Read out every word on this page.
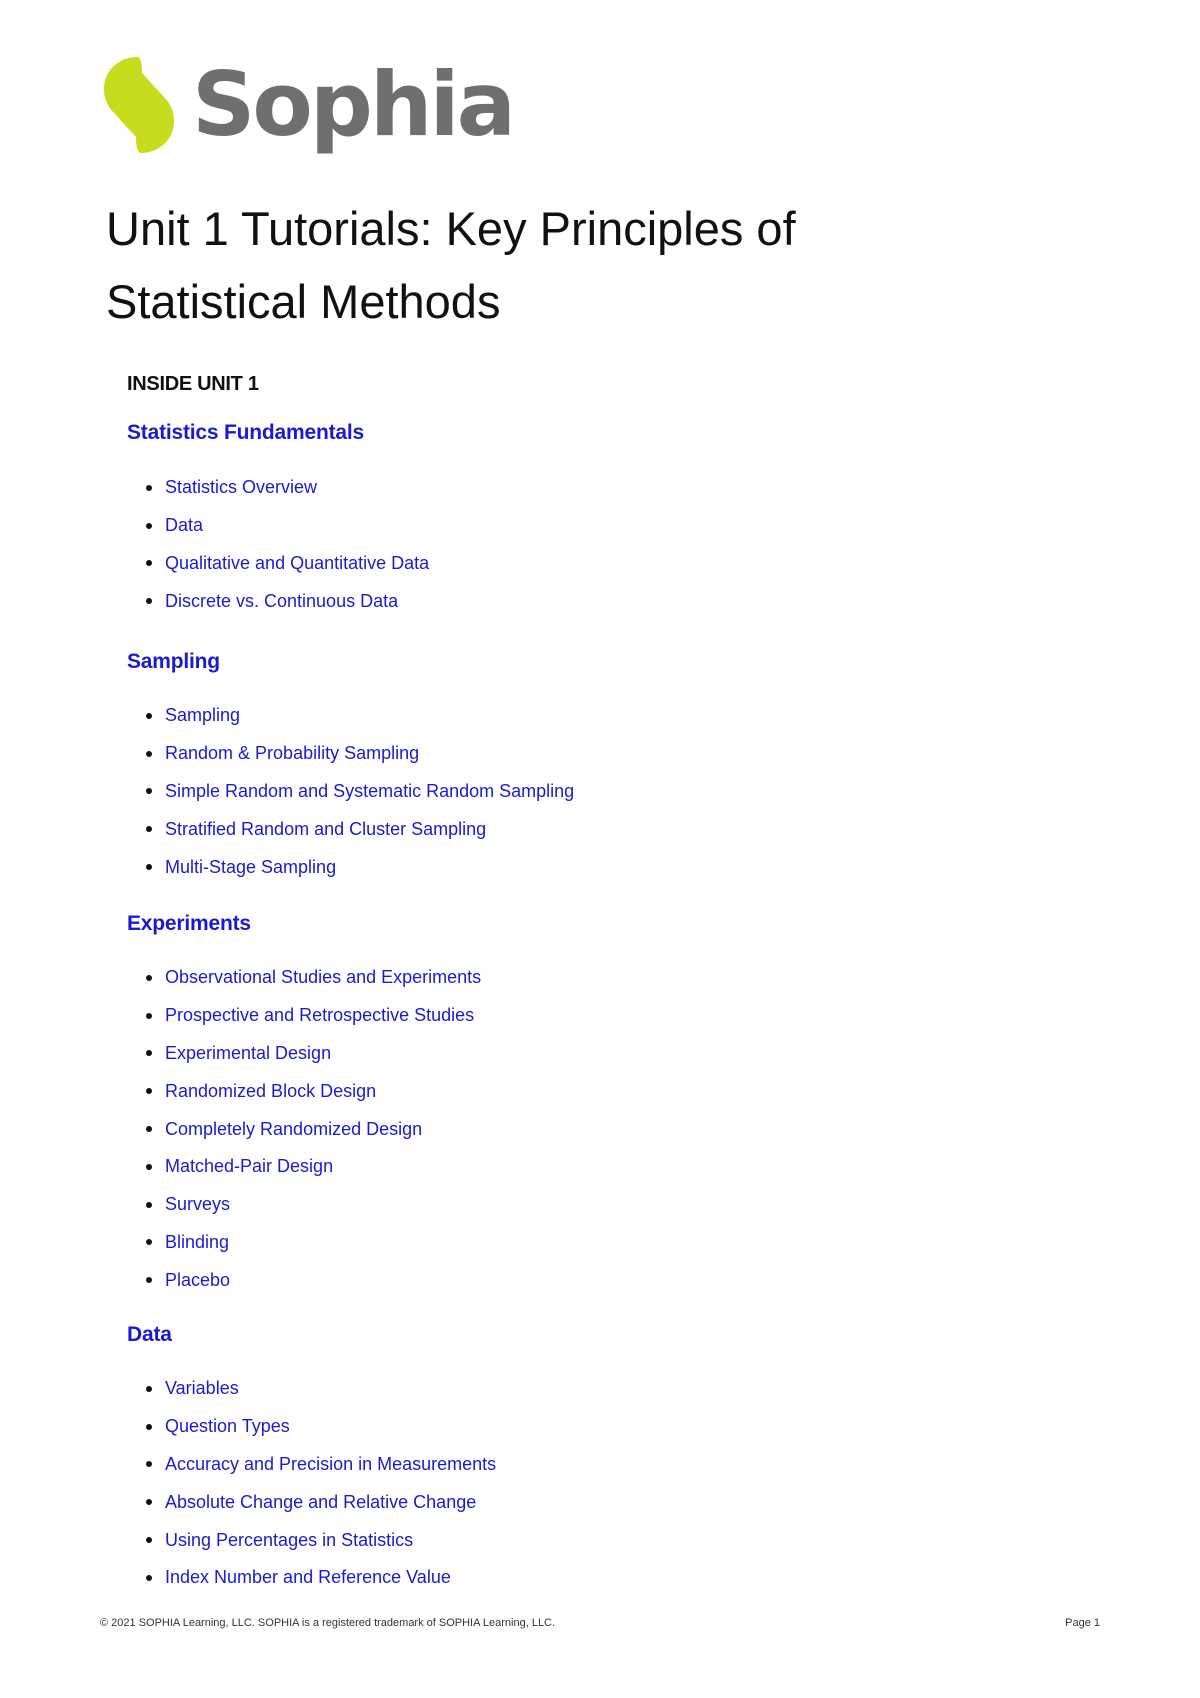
Sophia
Unit 1 Tutorials: Key Principles of
Statistical Methods
INSIDE UNIT 1
Statistics Fundamentals
Statistics Overview
Data
Qualitative and Quantitative Data
Discrete vs. Continuous Data
Sampling
Sampling
Random & Probability Sampling
Simple Random and Systematic Random Sampling
Stratified Random and Cluster Sampling
Multi-Stage Sampling
Experiments
Observational Studies and Experiments
Prospective and Retrospective Studies
Experimental Design
Randomized Block Design
Completely Randomized Design
Matched-Pair Design
Surveys
Blinding
Placebo
Data
Variables
Question Types
Accuracy and Precision in Measurements
Absolute Change and Relative Change
Using Percentages in Statistics
Index Number and Reference Value
© 2021 SOPHIA Learning, LLC. SOPHIA is a registered trademark of SOPHIA Learning, LLC.	Page 1
